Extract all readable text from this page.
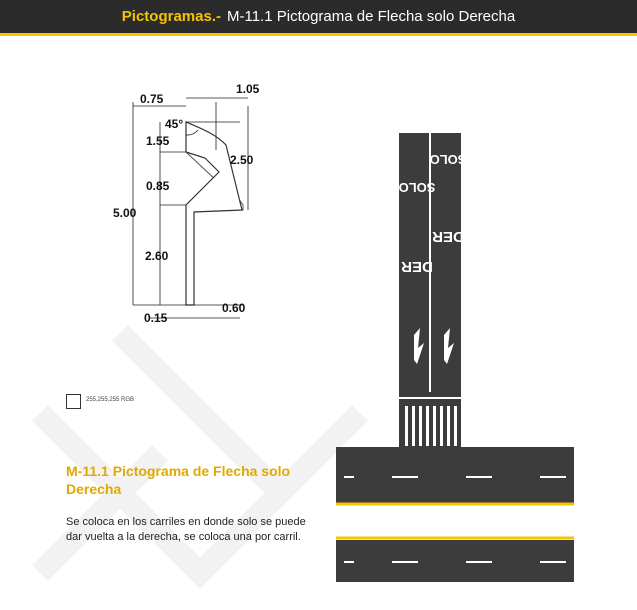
Pictogramas.- M-11.1 Pictograma de Flecha solo Derecha
0.75
1.05
45°
1.55
2.50
0.85
5.00
2.60
0.60
0.15
SOLO
DER
SOLO
DER
255,255,255 RGB
M-11.1 Pictograma de Flecha solo Derecha
Se coloca en los carriles en donde solo se puede dar vuelta a la derecha, se coloca una por carril.
